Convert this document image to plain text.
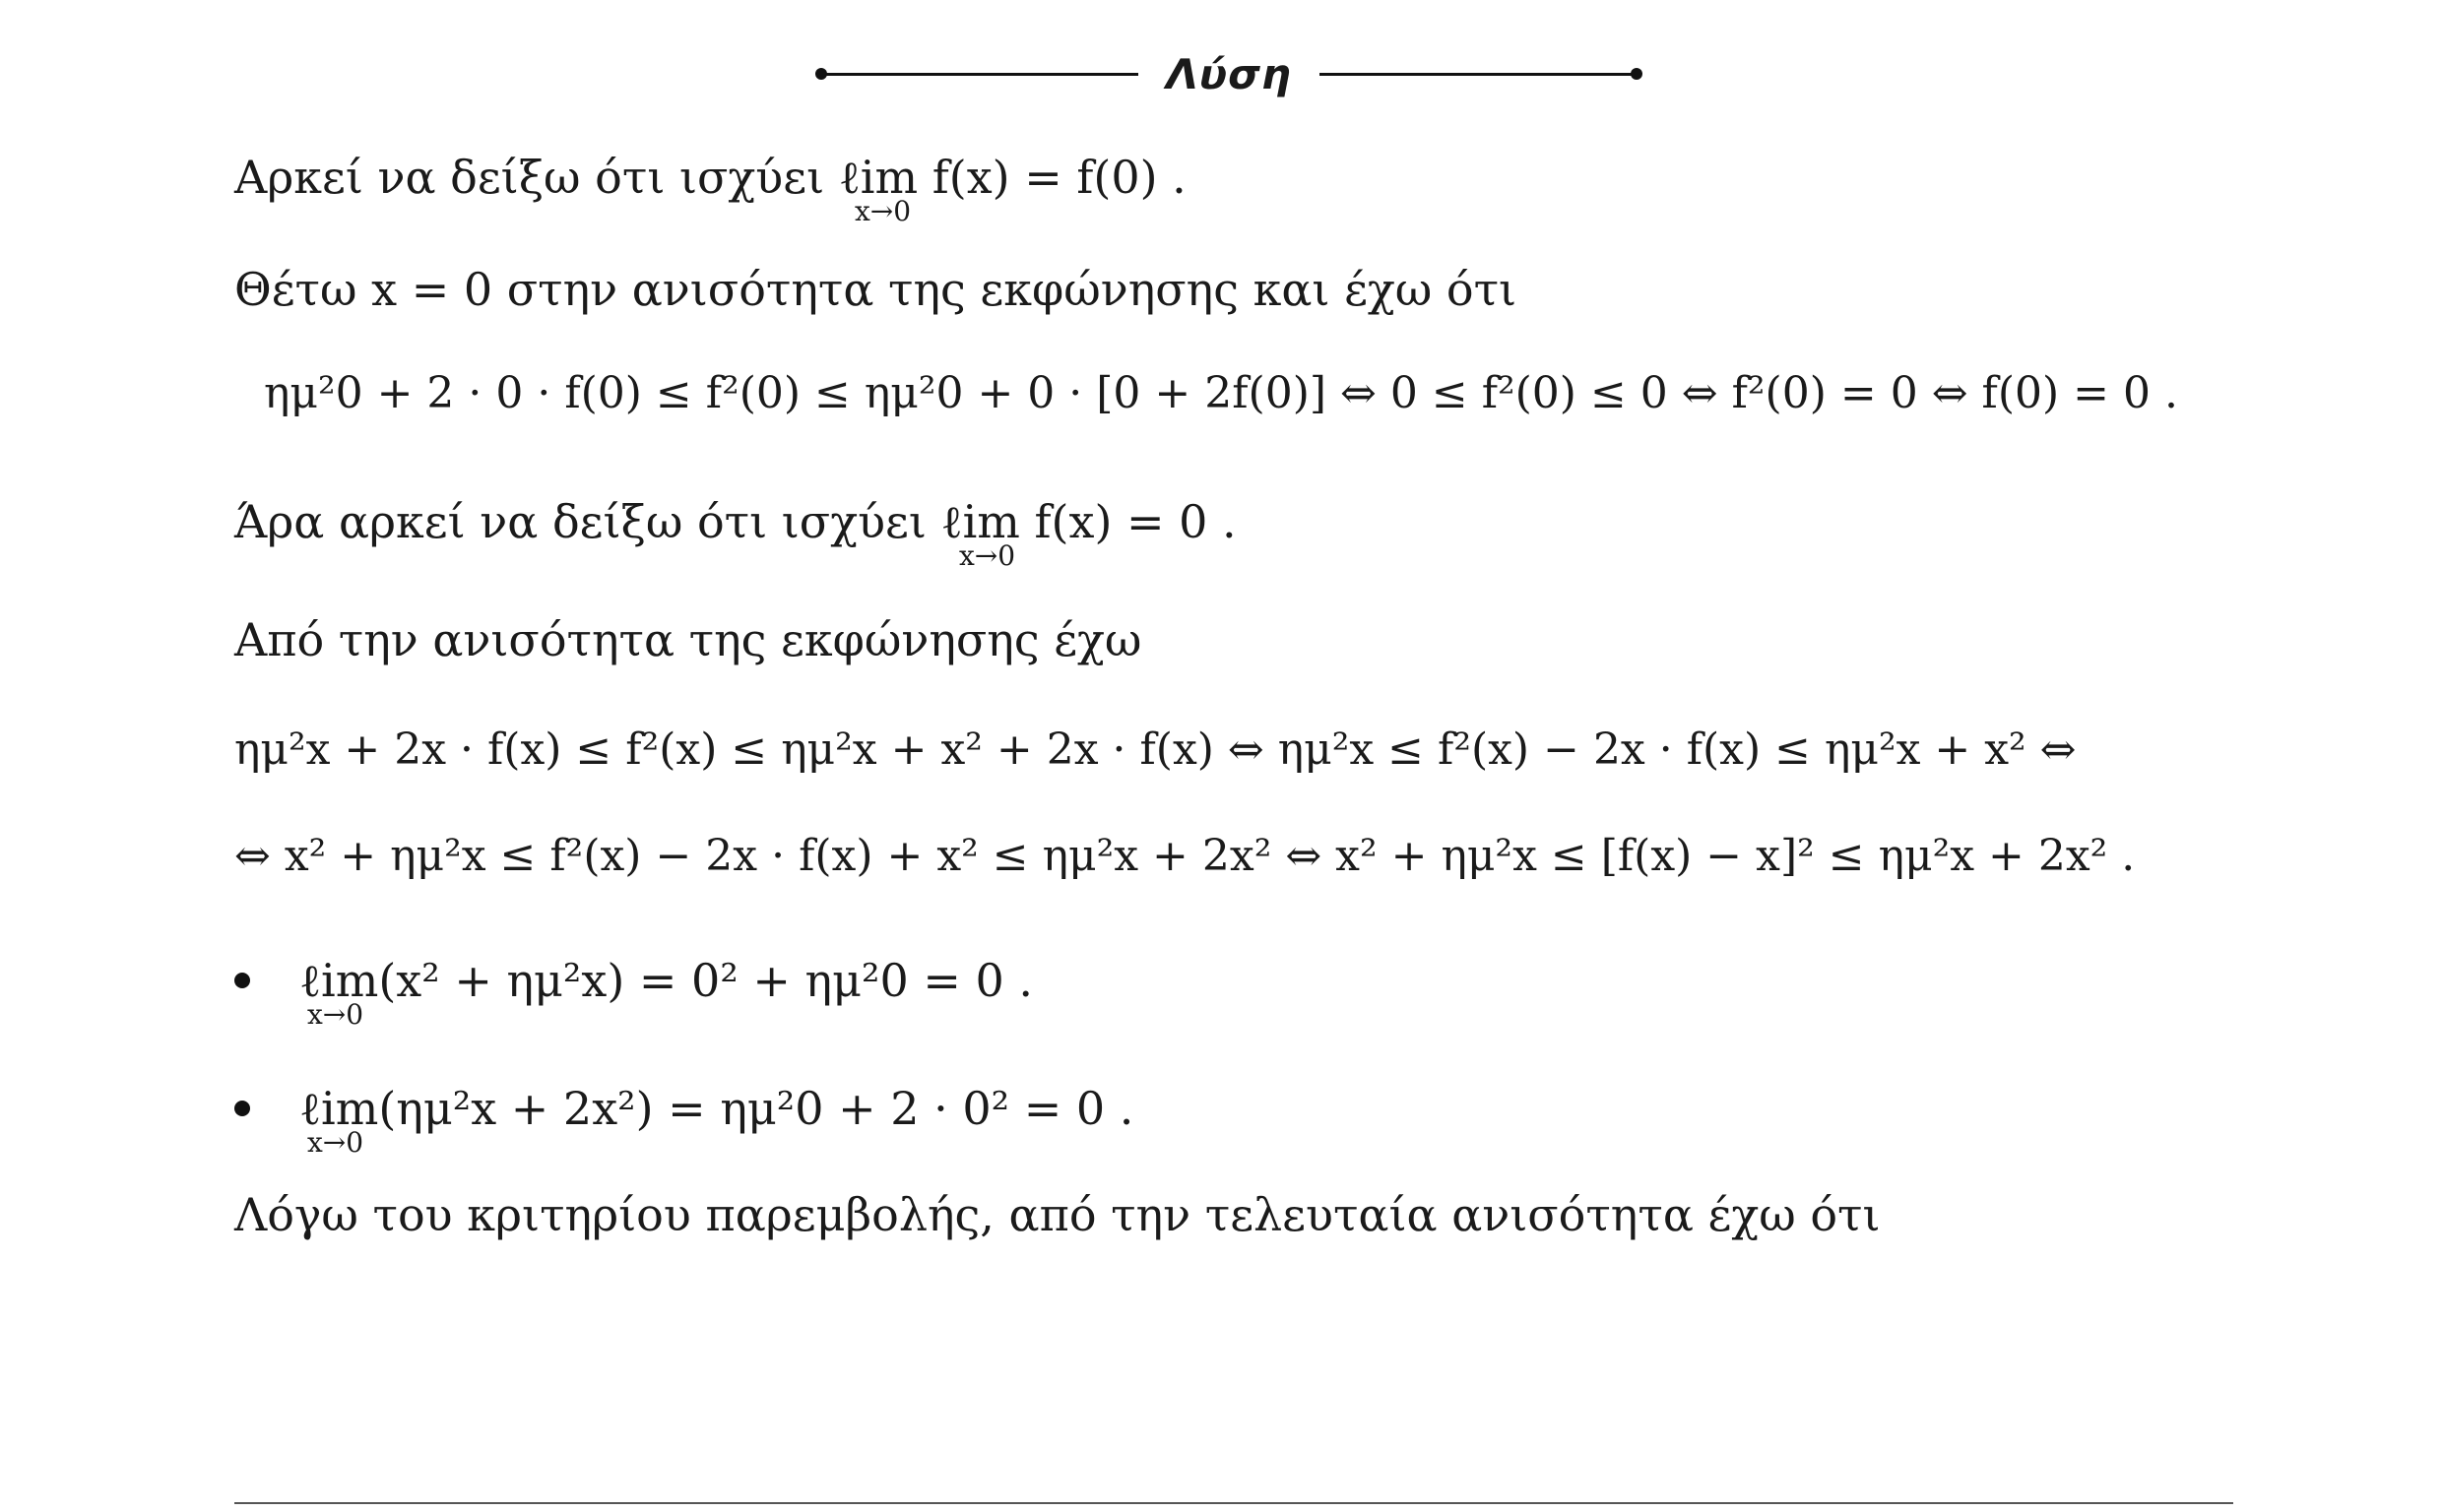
Λύση
Αρκεί να δείξω ότι ισχύει ℓim f(x) = f(0) .
x→0
Θέτω x = 0 στην ανισότητα της εκφώνησης και έχω ότι
ημ²0 + 2 · 0 · f(0) ≤ f²(0) ≤ ημ²0 + 0 · [0 + 2f(0)] ⇔ 0 ≤ f²(0) ≤ 0 ⇔ f²(0) = 0 ⇔ f(0) = 0 .
Άρα αρκεί να δείξω ότι ισχύει ℓim f(x) = 0 .
x→0
Από την ανισότητα της εκφώνησης έχω
ημ²x + 2x · f(x) ≤ f²(x) ≤ ημ²x + x² + 2x · f(x) ⇔ ημ²x ≤ f²(x) − 2x · f(x) ≤ ημ²x + x² ⇔
⇔ x² + ημ²x ≤ f²(x) − 2x · f(x) + x² ≤ ημ²x + 2x² ⇔ x² + ημ²x ≤ [f(x) − x]² ≤ ημ²x + 2x² .
ℓim(x² + ημ²x) = 0² + ημ²0 = 0 .
x→0
ℓim(ημ²x + 2x²) = ημ²0 + 2 · 0² = 0 .
x→0
Λόγω του κριτηρίου παρεμβολής, από την τελευταία ανισότητα έχω ότι
